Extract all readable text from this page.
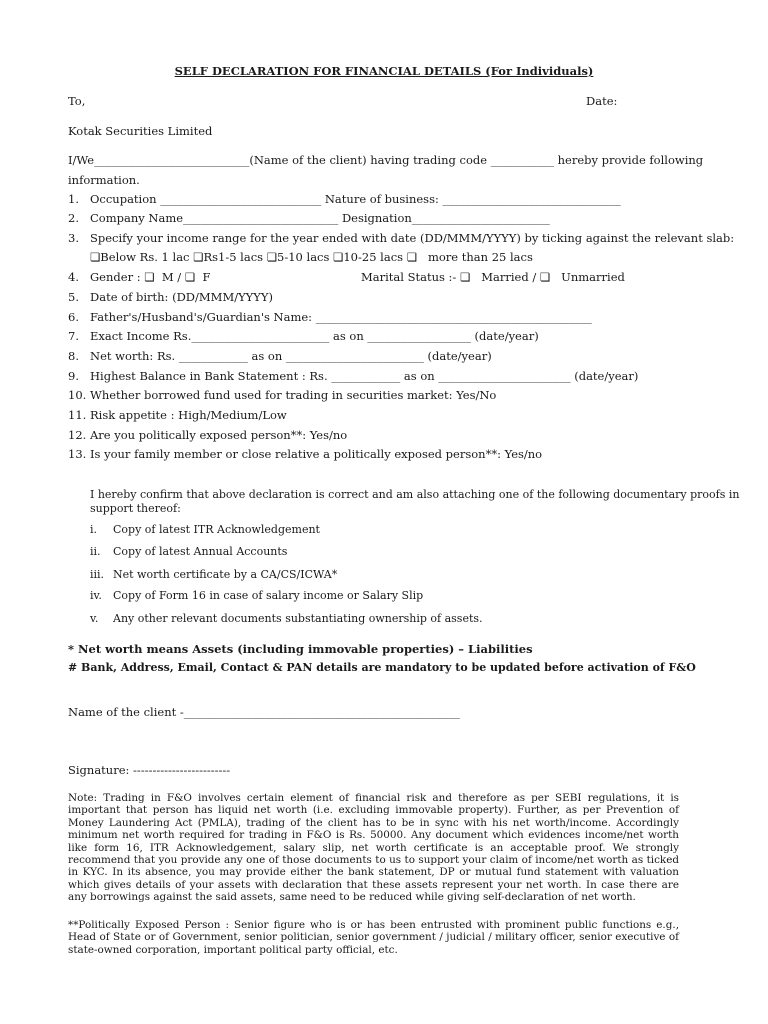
SELF DECLARATION FOR FINANCIAL DETAILS (For Individuals)
To,	Date:
Kotak Securities Limited
I/We___________________________(Name of the client) having trading code ___________ hereby provide following
information.
1. Occupation ____________________________ Nature of business: _______________________________
2. Company Name___________________________ Designation________________________
3. Specify your income range for the year ended with date (DD/MMM/YYYY) by ticking against the relevant slab:
❏Below Rs. 1 lac ❏Rs1-5 lacs ❏5-10 lacs ❏10-25 lacs ❏   more than 25 lacs
4. Gender : ❏  M / ❏  F	Marital Status :- ❏   Married / ❏   Unmarried
5. Date of birth: (DD/MMM/YYYY)
6. Father's/Husband's/Guardian's Name: ________________________________________________
7. Exact Income Rs.________________________ as on __________________ (date/year)
8. Net worth: Rs. ____________ as on ________________________ (date/year)
9. Highest Balance in Bank Statement : Rs. ____________ as on _______________________ (date/year)
10. Whether borrowed fund used for trading in securities market: Yes/No
11. Risk appetite : High/Medium/Low
12. Are you politically exposed person**: Yes/no
13. Is your family member or close relative a politically exposed person**: Yes/no
I hereby confirm that above declaration is correct and am also attaching one of the following documentary proofs in
support thereof:
i. Copy of latest ITR Acknowledgement
ii. Copy of latest Annual Accounts
iii. Net worth certificate by a CA/CS/ICWA*
iv. Copy of Form 16 in case of salary income or Salary Slip
v. Any other relevant documents substantiating ownership of assets.
* Net worth means Assets (including immovable properties) – Liabilities
# Bank, Address, Email, Contact & PAN details are mandatory to be updated before activation of F&O
Name of the client -________________________________________________
Signature: -------------------------
Note: Trading in F&O involves certain element of financial risk and therefore as per SEBI regulations, it is important that person has liquid net worth (i.e. excluding immovable property). Further, as per Prevention of Money Laundering Act (PMLA), trading of the client has to be in sync with his net worth/income. Accordingly minimum net worth required for trading in F&O is Rs. 50000. Any document which evidences income/net worth like form 16, ITR Acknowledgement, salary slip, net worth certificate is an acceptable proof. We strongly recommend that you provide any one of those documents to us to support your claim of income/net worth as ticked in KYC. In its absence, you may provide either the bank statement, DP or mutual fund statement with valuation which gives details of your assets with declaration that these assets represent your net worth. In case there are any borrowings against the said assets, same need to be reduced while giving self-declaration of net worth.
**Politically Exposed Person : Senior figure who is or has been entrusted with prominent public functions e.g., Head of State or of Government, senior politician, senior government / judicial / military officer, senior executive of state-owned corporation, important political party official, etc.
